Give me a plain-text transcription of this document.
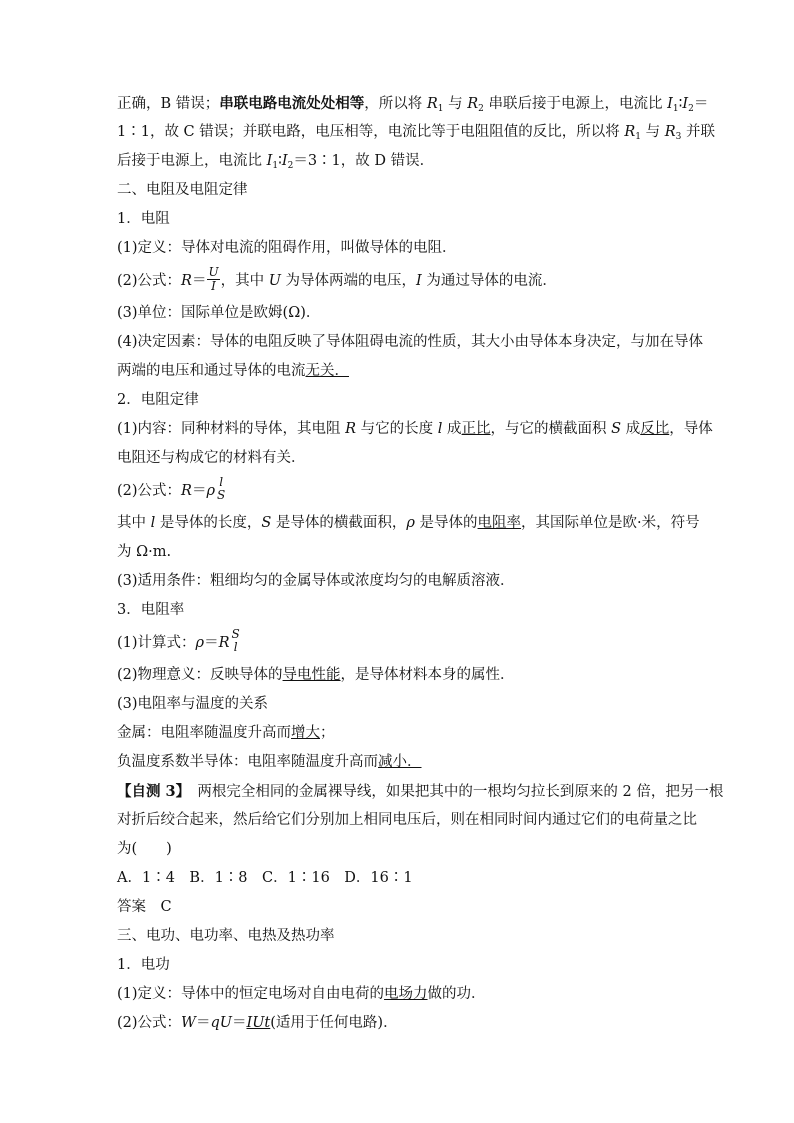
正确，B 错误；串联电路电流处处相等，所以将 $R_1$ 与 $R_2$ 串联后接于电源上，电流比 $I_1∶I_2=$
1∶1，故 C 错误；并联电路，电压相等，电流比等于电阻阻值的反比，所以将 $R_1$ 与 $R_3$ 并联
后接于电源上，电流比 $I_1∶I_2=3∶1$，故 D 错误．
二、电阻及电阻定律
1．电阻
(1)定义：导体对电流的阻碍作用，叫做导体的电阻．
(2)公式：$R= \frac{U}{I}$ ，其中 U 为导体两端的电压，I 为通过导体的电流．
(3)单位：国际单位是欧姆(Ω)．
(4)决定因素：导体的电阻反映了导体阻碍电流的性质，其大小由导体本身决定，与加在导体
两端的电压和通过导体的电流无关．
2．电阻定律
(1)内容：同种材料的导体，其电阻 R 与它的长度 l 成正比，与它的横截面积 S 成反比，导体
电阻还与构成它的材料有关．
(2)公式：R＝ρ
l
S
其中 l 是导体的长度，S 是导体的横截面积，ρ 是导体的电阻率，其国际单位是欧·米，符号
为 Ω·m.
(3)适用条件：粗细均匀的金属导体或浓度均匀的电解质溶液．
3．电阻率
(1)计算式：ρ＝R
S
l
(2)物理意义：反映导体的导电性能，是导体材料本身的属性．
(3)电阻率与温度的关系
金属：电阻率随温度升高而增大；
负温度系数半导体：电阻率随温度升高而减小．
【自测 3】　两根完全相同的金属裸导线，如果把其中的一根均匀拉长到原来的 2 倍，把另一根
对折后绞合起来，然后给它们分别加上相同电压后，则在相同时间内通过它们的电荷量之比
为(　　)
A．1∶4　B．1∶8　C．1∶16　D．16∶1
答案　C
三、电功、电功率、电热及热功率
1．电功
(1)定义：导体中的恒定电场对自由电荷的电场力做的功．
(2)公式：W＝qU＝IUt(适用于任何电路)．
